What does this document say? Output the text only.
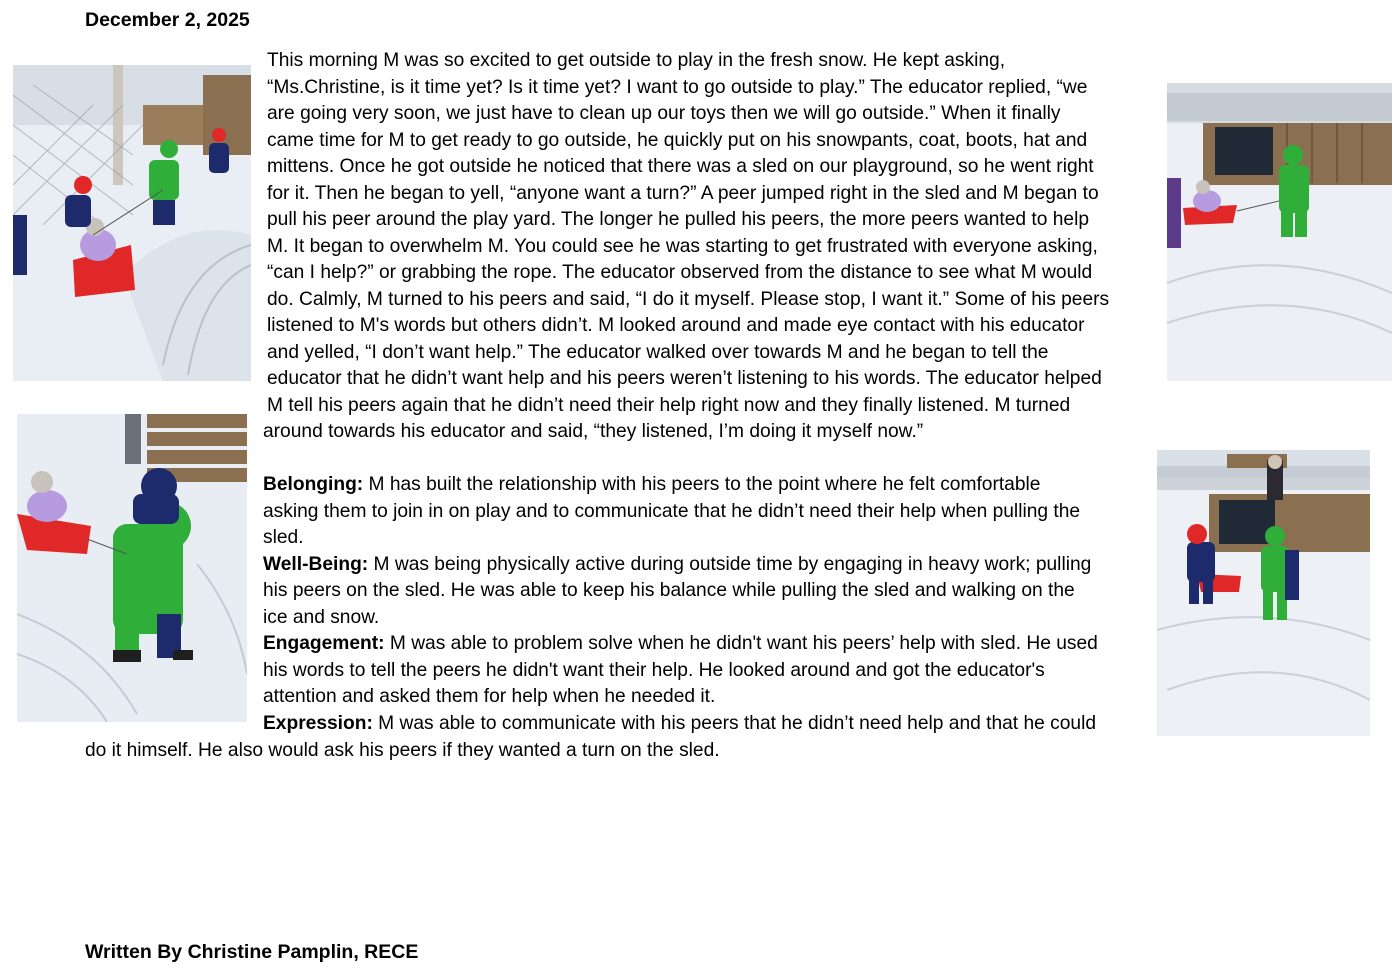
December 2, 2025

This morning M was so excited to get outside to play in the fresh snow. He kept asking,
“Ms.Christine, is it time yet? Is it time yet? I want to go outside to play.” The educator replied, “we
are going very soon, we just have to clean up our toys then we will go outside.” When it finally
came time for M to get ready to go outside, he quickly put on his snowpants, coat, boots, hat and
mittens. Once he got outside he noticed that there was a sled on our playground, so he went right
for it. Then he began to yell, “anyone want a turn?” A peer jumped right in the sled and M began to
pull his peer around the play yard. The longer he pulled his peers, the more peers wanted to help
M. It began to overwhelm M. You could see he was starting to get frustrated with everyone asking,
“can I help?” or grabbing the rope. The educator observed from the distance to see what M would
do. Calmly, M turned to his peers and said, “I do it myself. Please stop, I want it.” Some of his peers
listened to M's words but others didn’t. M looked around and made eye contact with his educator
and yelled, “I don’t want help.” The educator walked over towards M and he began to tell the
educator that he didn’t want help and his peers weren’t listening to his words. The educator helped
M tell his peers again that he didn’t need their help right now and they finally listened. M turned
around towards his educator and said, “they listened, I’m doing it myself now.”
Belonging: M has built the relationship with his peers to the point where he felt comfortable
asking them to join in on play and to communicate that he didn’t need their help when pulling the
sled.
Well-Being: M was being physically active during outside time by engaging in heavy work; pulling
his peers on the sled. He was able to keep his balance while pulling the sled and walking on the
ice and snow.
Engagement: M was able to problem solve when he didn't want his peers’ help with sled. He used
his words to tell the peers he didn't want their help. He looked around and got the educator's
attention and asked them for help when he needed it.
Expression: M was able to communicate with his peers that he didn’t need help and that he could
do it himself. He also would ask his peers if they wanted a turn on the sled.

Written By Christine Pamplin, RECE
